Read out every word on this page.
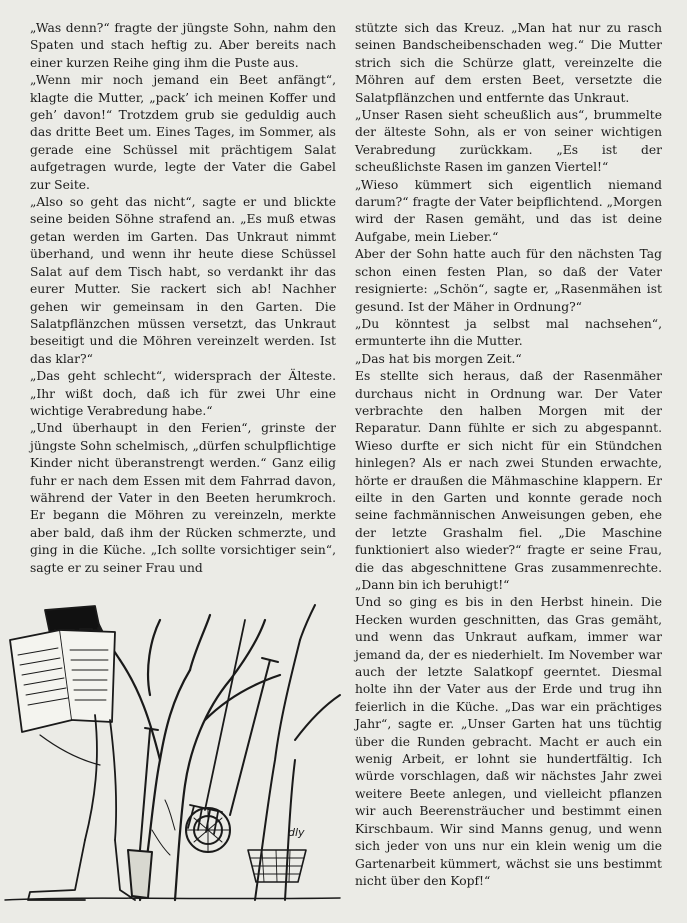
„Was denn?“ fragte der jüngste Sohn, nahm den Spaten und stach heftig zu. Aber bereits nach einer kurzen Reihe ging ihm die Puste aus.

„Wenn mir noch jemand ein Beet anfängt“, klagte die Mutter, „pack’ ich meinen Koffer und geh’ davon!“ Trotzdem grub sie geduldig auch das dritte Beet um. Eines Tages, im Sommer, als gerade eine Schüssel mit prächtigem Salat aufgetragen wurde, legte der Vater die Gabel zur Seite.

„Also so geht das nicht“, sagte er und blickte seine beiden Söhne strafend an. „Es muß etwas getan werden im Garten. Das Unkraut nimmt überhand, und wenn ihr heute diese Schüssel Salat auf dem Tisch habt, so verdankt ihr das eurer Mutter. Sie rackert sich ab! Nachher gehen wir gemeinsam in den Garten. Die Salatpflänzchen müssen versetzt, das Unkraut beseitigt und die Möhren vereinzelt werden. Ist das klar?“

„Das geht schlecht“, widersprach der Älteste. „Ihr wißt doch, daß ich für zwei Uhr eine wichtige Verabredung habe.“

„Und überhaupt in den Ferien“, grinste der jüngste Sohn schelmisch, „dürfen schulpflichtige Kinder nicht überanstrengt werden.“ Ganz eilig fuhr er nach dem Essen mit dem Fahrrad davon, während der Vater in den Beeten herumkroch. Er begann die Möhren zu vereinzeln, merkte aber bald, daß ihm der Rücken schmerzte, und ging in die Küche. „Ich sollte vorsichtiger sein“, sagte er zu seiner Frau und

stützte sich das Kreuz. „Man hat nur zu rasch seinen Bandscheibenschaden weg.“ Die Mutter strich sich die Schürze glatt, vereinzelte die Möhren auf dem ersten Beet, versetzte die Salatpflänzchen und entfernte das Unkraut.

„Unser Rasen sieht scheußlich aus“, brummelte der älteste Sohn, als er von seiner wichtigen Verabredung zurückkam. „Es ist der scheußlichste Rasen im ganzen Viertel!“

„Wieso kümmert sich eigentlich niemand darum?“ fragte der Vater beipflichtend. „Morgen wird der Rasen gemäht, und das ist deine Aufgabe, mein Lieber.“

Aber der Sohn hatte auch für den nächsten Tag schon einen festen Plan, so daß der Vater resignierte: „Schön“, sagte er, „Rasenmähen ist gesund. Ist der Mäher in Ordnung?“

„Du könntest ja selbst mal nachsehen“, ermunterte ihn die Mutter.

„Das hat bis morgen Zeit.“

Es stellte sich heraus, daß der Rasenmäher durchaus nicht in Ordnung war. Der Vater verbrachte den halben Morgen mit der Reparatur. Dann fühlte er sich zu abgespannt. Wieso durfte er sich nicht für ein Stündchen hinlegen? Als er nach zwei Stunden erwachte, hörte er draußen die Mähmaschine klappern. Er eilte in den Garten und konnte gerade noch seine fachmännischen Anweisungen geben, ehe der letzte Grashalm fiel. „Die Maschine funktioniert also wieder?“ fragte er seine Frau, die das abgeschnittene Gras zusammenrechte. „Dann bin ich beruhigt!“

Und so ging es bis in den Herbst hinein. Die Hecken wurden geschnitten, das Gras gemäht, und wenn das Unkraut aufkam, immer war jemand da, der es niederhielt. Im November war auch der letzte Salatkopf geerntet. Diesmal holte ihn der Vater aus der Erde und trug ihn feierlich in die Küche. „Das war ein prächtiges Jahr“, sagte er. „Unser Garten hat uns tüchtig über die Runden gebracht. Macht er auch ein wenig Arbeit, er lohnt sie hundertfältig. Ich würde vorschlagen, daß wir nächstes Jahr zwei weitere Beete anlegen, und vielleicht pflanzen wir auch Beerensträucher und bestimmt einen Kirschbaum. Wir sind Manns genug, und wenn sich jeder von uns nur ein klein wenig um die Gartenarbeit kümmert, wächst sie uns bestimmt nicht über den Kopf!“

dly
